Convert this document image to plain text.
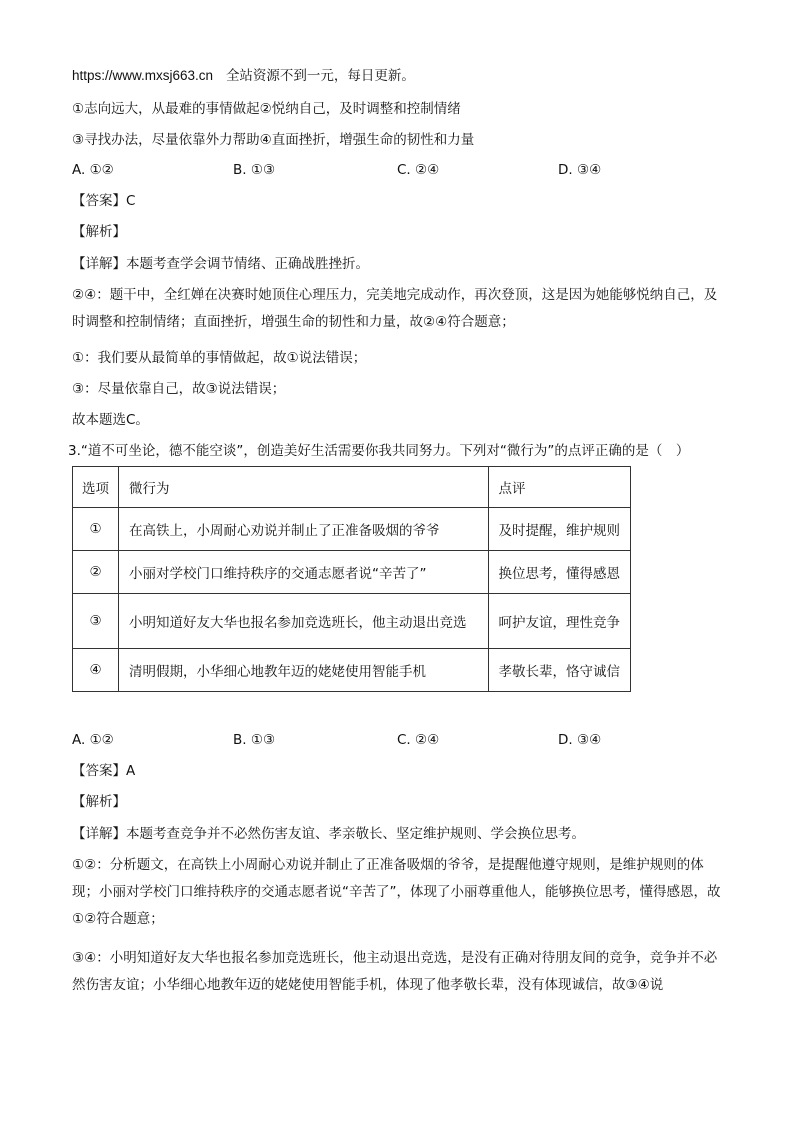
https://www.mxsj663.cn 全站资源不到一元，每日更新。
①志向远大，从最难的事情做起②悦纳自己，及时调整和控制情绪
③寻找办法，尽量依靠外力帮助④直面挫折，增强生命的韧性和力量
A. ①②	B. ①③	C. ②④	D. ③④
【答案】C
【解析】
【详解】本题考查学会调节情绪、正确战胜挫折。
②④：题干中，全红婵在决赛时她顶住心理压力，完美地完成动作，再次登顶，这是因为她能够悦纳自己，及时调整和控制情绪；直面挫折，增强生命的韧性和力量，故②④符合题意；
①：我们要从最简单的事情做起，故①说法错误；
③：尽量依靠自己，故③说法错误；
故本题选C。
3.“道不可坐论，德不能空谈”，创造美好生活需要你我共同努力。下列对“微行为”的点评正确的是（　）
选项	微行为	点评
①	在高铁上，小周耐心劝说并制止了正准备吸烟的爷爷	及时提醒，维护规则
②	小丽对学校门口维持秩序的交通志愿者说“辛苦了”	换位思考，懂得感恩
③	小明知道好友大华也报名参加竞选班长，他主动退出竞选	呵护友谊，理性竞争
④	清明假期，小华细心地教年迈的姥姥使用智能手机	孝敬长辈，恪守诚信
A. ①②	B. ①③	C. ②④	D. ③④
【答案】A
【解析】
【详解】本题考查竞争并不必然伤害友谊、孝亲敬长、坚定维护规则、学会换位思考。
①②：分析题文，在高铁上小周耐心劝说并制止了正准备吸烟的爷爷，是提醒他遵守规则，是维护规则的体现；小丽对学校门口维持秩序的交通志愿者说“辛苦了”，体现了小丽尊重他人，能够换位思考，懂得感恩，故①②符合题意；
③④：小明知道好友大华也报名参加竞选班长，他主动退出竞选，是没有正确对待朋友间的竞争，竞争并不必然伤害友谊；小华细心地教年迈的姥姥使用智能手机，体现了他孝敬长辈，没有体现诚信，故③④说
